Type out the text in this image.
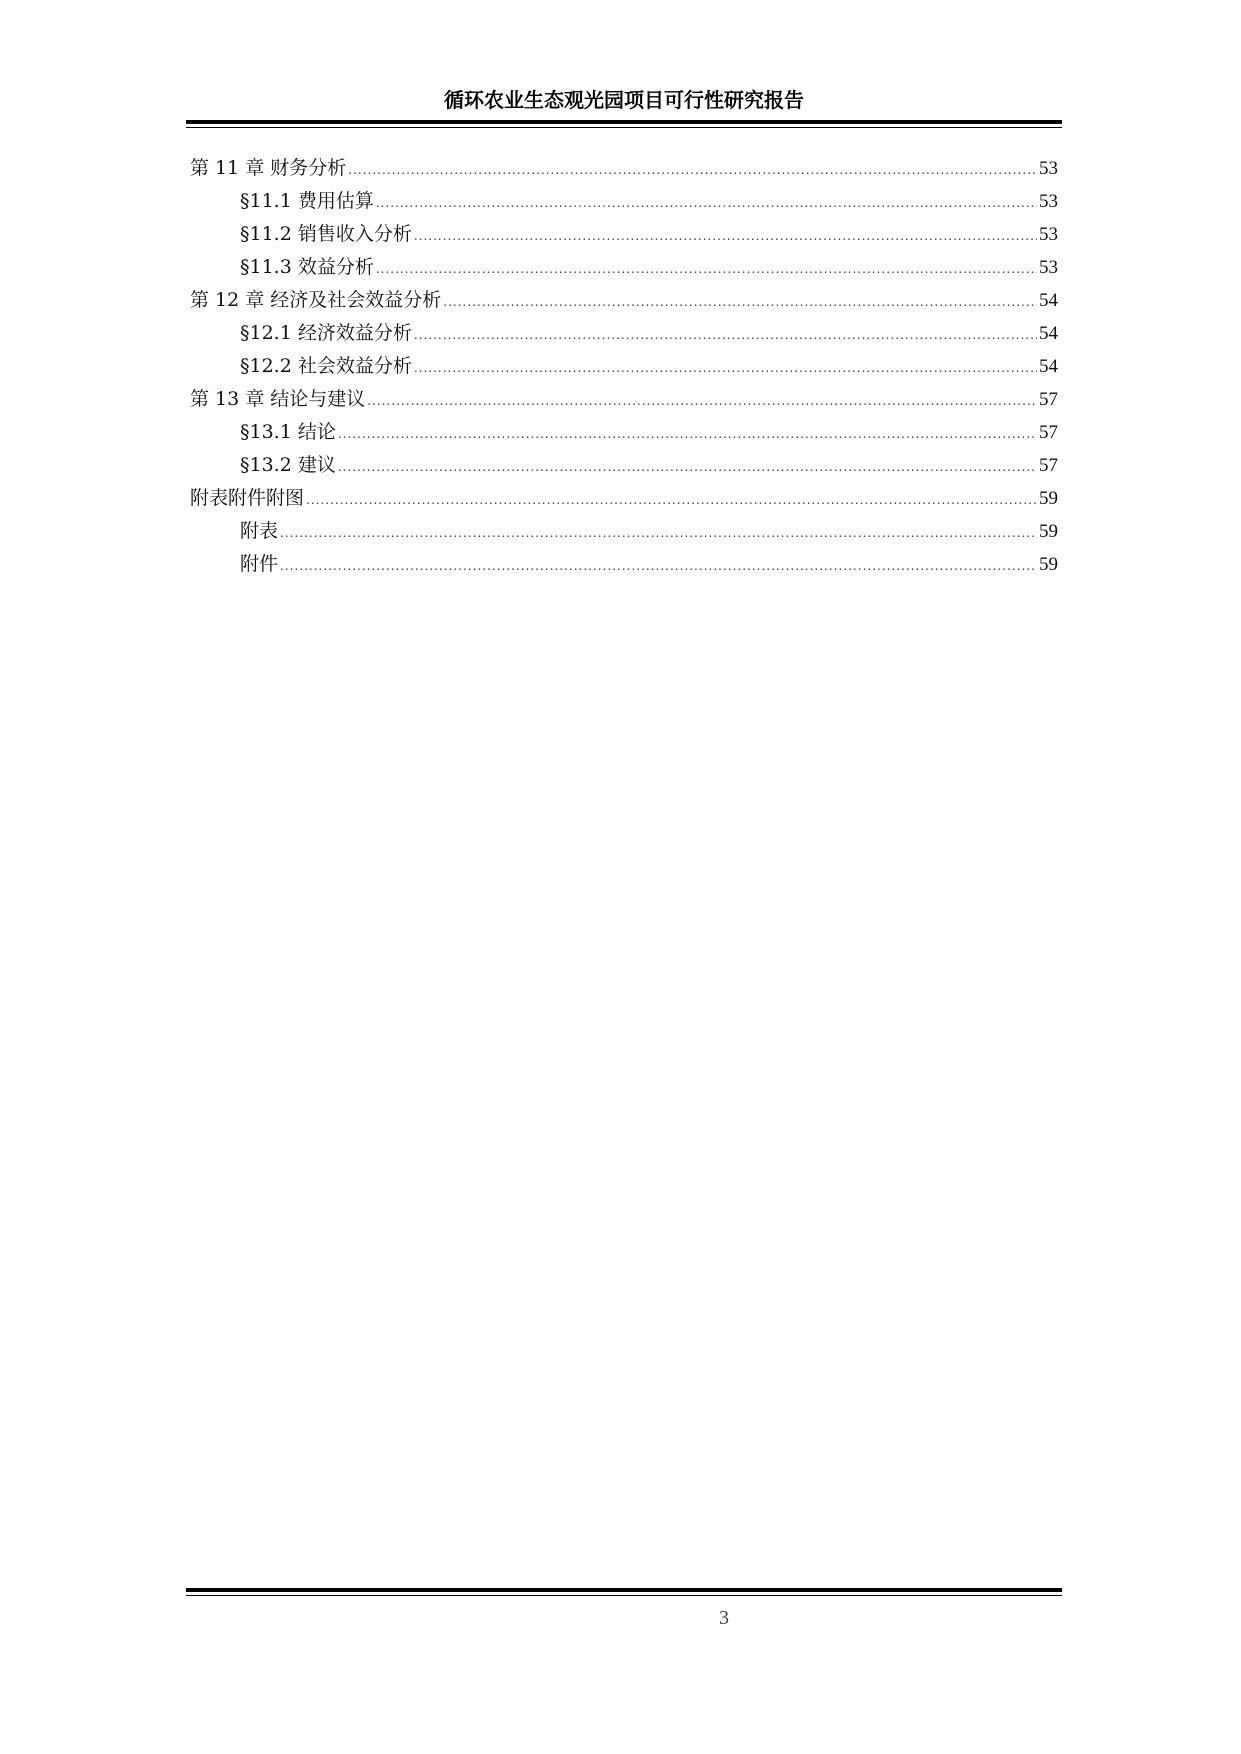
循环农业生态观光园项目可行性研究报告
第 11 章 财务分析 .....	53
§11.1 费用估算 .....	53
§11.2 销售收入分析 .....	53
§11.3 效益分析 .....	53
第 12 章 经济及社会效益分析 .....	54
§12.1 经济效益分析 .....	54
§12.2 社会效益分析 .....	54
第 13 章 结论与建议 .....	57
§13.1 结论 .....	57
§13.2 建议 .....	57
附表附件附图 .....	59
附表 .....	59
附件 .....	59
3
